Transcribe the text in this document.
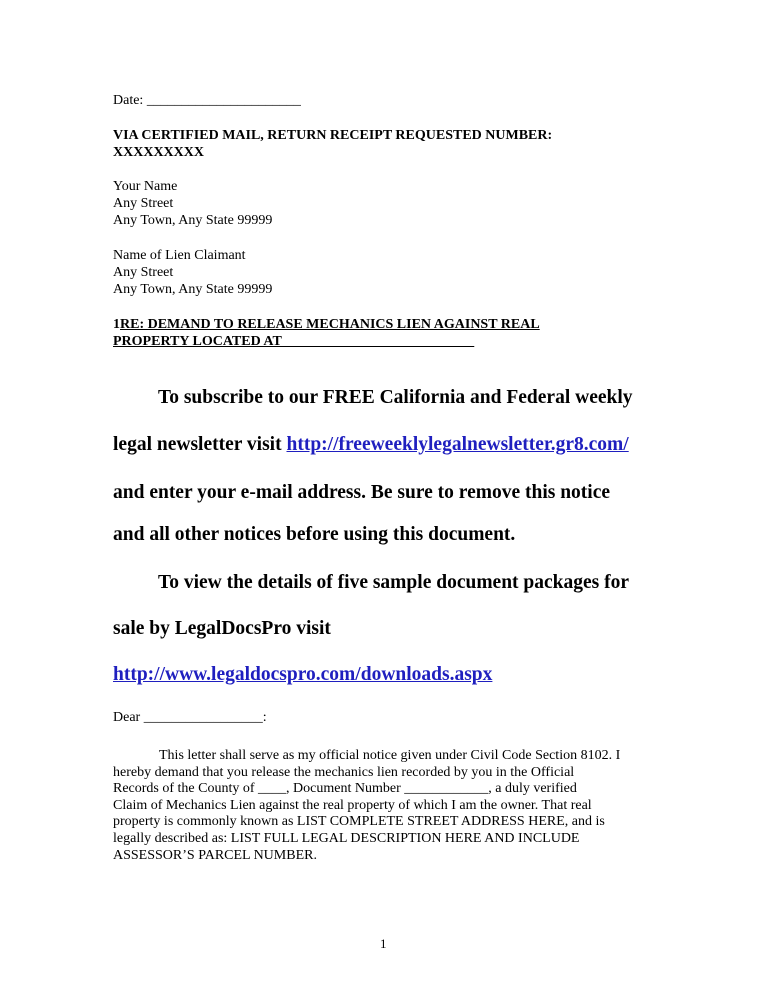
Date: ______________________
VIA CERTIFIED MAIL, RETURN RECEIPT REQUESTED NUMBER:
XXXXXXXXX
Your Name
Any Street
Any Town, Any State 99999
Name of Lien Claimant
Any Street
Any Town, Any State 99999
1RE: DEMAND TO RELEASE MECHANICS LIEN AGAINST REAL
PROPERTY LOCATED AT ___________________________
To subscribe to our FREE California and Federal weekly
legal newsletter visit http://freeweeklylegalnewsletter.gr8.com/
and enter your e-mail address. Be sure to remove this notice
and all other notices before using this document.
To view the details of five sample document packages for
sale by LegalDocsPro visit
http://www.legaldocspro.com/downloads.aspx
Dear _________________:
This letter shall serve as my official notice given under Civil Code Section 8102. I
hereby demand that you release the mechanics lien recorded by you in the Official
Records of the County of ____, Document Number ____________, a duly verified
Claim of Mechanics Lien against the real property of which I am the owner. That real
property is commonly known as LIST COMPLETE STREET ADDRESS HERE, and is
legally described as: LIST FULL LEGAL DESCRIPTION HERE AND INCLUDE
ASSESSOR’S PARCEL NUMBER.
1
